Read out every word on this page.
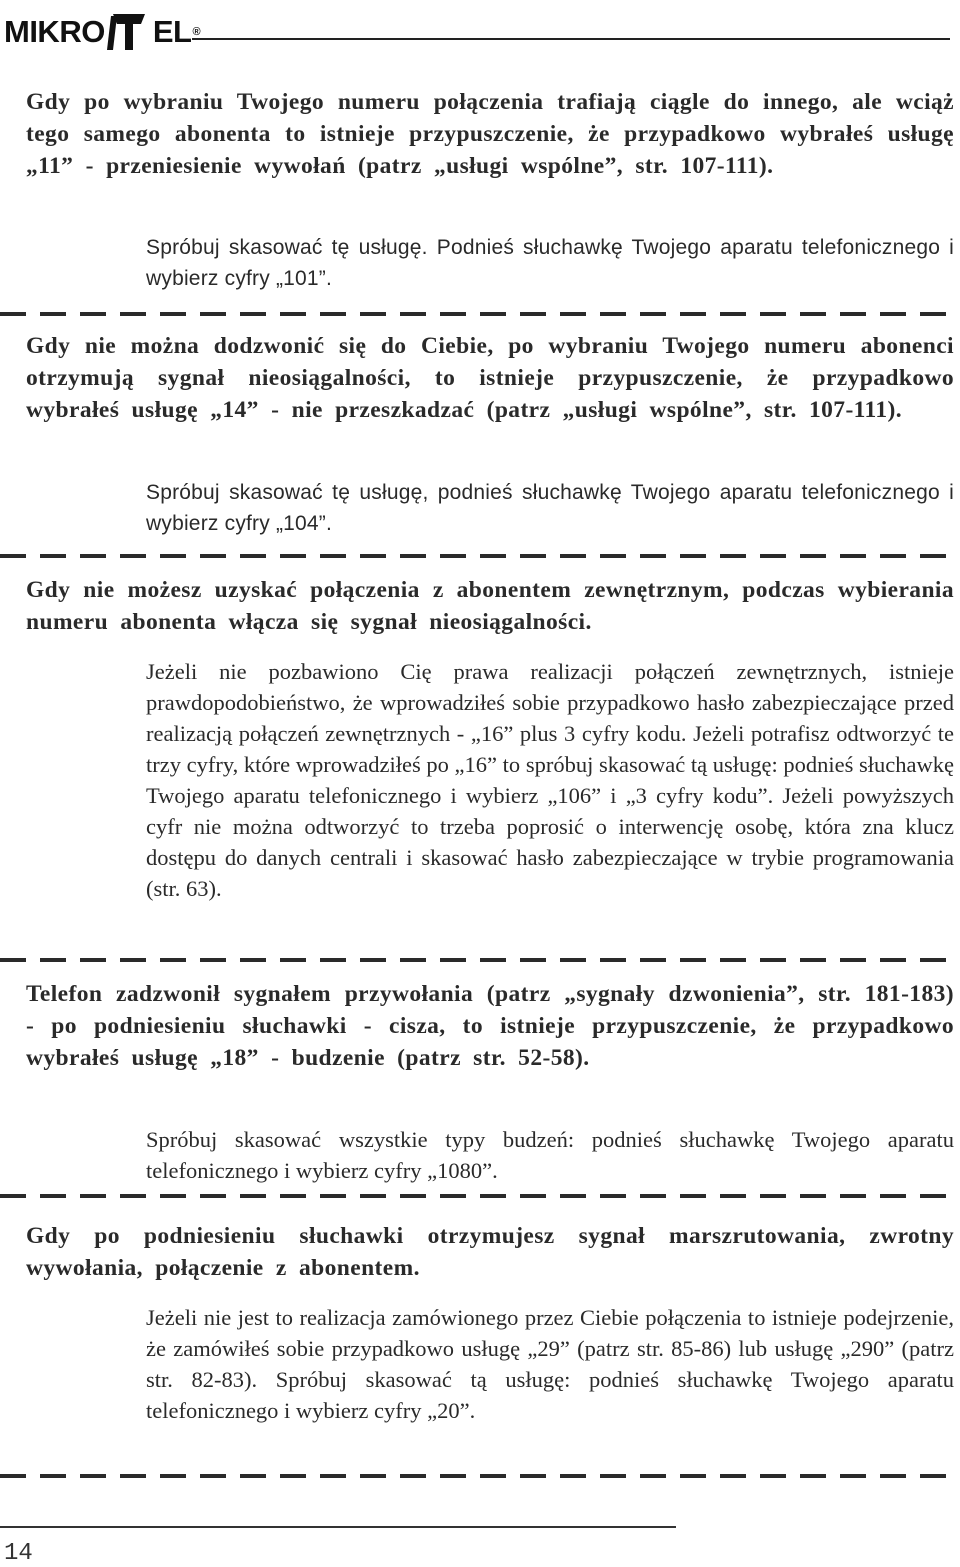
MIKRO EL ®

Gdy po wybraniu Twojego numeru połączenia trafiają ciągle do innego, ale wciąż tego samego abonenta to istnieje przypuszczenie, że przypadkowo wybrałeś usługę „11” - przeniesienie wywołań (patrz „usługi wspólne”, str. 107-111).

Spróbuj skasować tę usługę. Podnieś słuchawkę Twojego aparatu telefonicznego i wybierz cyfry „101”.

Gdy nie można dodzwonić się do Ciebie, po wybraniu Twojego numeru abonenci otrzymują sygnał nieosiągalności, to istnieje przypuszczenie, że przypadkowo wybrałeś usługę „14” - nie przeszkadzać (patrz „usługi wspólne”, str. 107-111).

Spróbuj skasować tę usługę, podnieś słuchawkę Twojego aparatu telefonicznego i wybierz cyfry „104”.

Gdy nie możesz uzyskać połączenia z abonentem zewnętrznym, podczas wybierania numeru abonenta włącza się sygnał nieosiągalności.

Jeżeli nie pozbawiono Cię prawa realizacji połączeń zewnętrznych, istnieje prawdopodobieństwo, że wprowadziłeś sobie przypadkowo hasło zabezpieczające przed realizacją połączeń zewnętrznych - „16” plus 3 cyfry kodu. Jeżeli potrafisz odtworzyć te trzy cyfry, które wprowadziłeś po „16” to spróbuj skasować tą usługę: podnieś słuchawkę Twojego aparatu telefonicznego i wybierz „106” i „3 cyfry kodu”. Jeżeli powyższych cyfr nie można odtworzyć to trzeba poprosić o interwencję osobę, która zna klucz dostępu do danych centrali i skasować hasło zabezpieczające w trybie programowania (str. 63).

Telefon zadzwonił sygnałem przywołania (patrz „sygnały dzwonienia”, str. 181-183) - po podniesieniu słuchawki - cisza, to istnieje przypuszczenie, że przypadkowo wybrałeś usługę „18” - budzenie (patrz str. 52-58).

Spróbuj skasować wszystkie typy budzeń: podnieś słuchawkę Twojego aparatu telefonicznego i wybierz cyfry „1080”.

Gdy po podniesieniu słuchawki otrzymujesz sygnał marszrutowania, zwrotny wywołania, połączenie z abonentem.

Jeżeli nie jest to realizacja zamówionego przez Ciebie połączenia to istnieje podejrzenie, że zamówiłeś sobie przypadkowo usługę „29” (patrz str. 85-86) lub usługę „290” (patrz str. 82-83). Spróbuj skasować tą usługę: podnieś słuchawkę Twojego aparatu telefonicznego i wybierz cyfry „20”.

14
